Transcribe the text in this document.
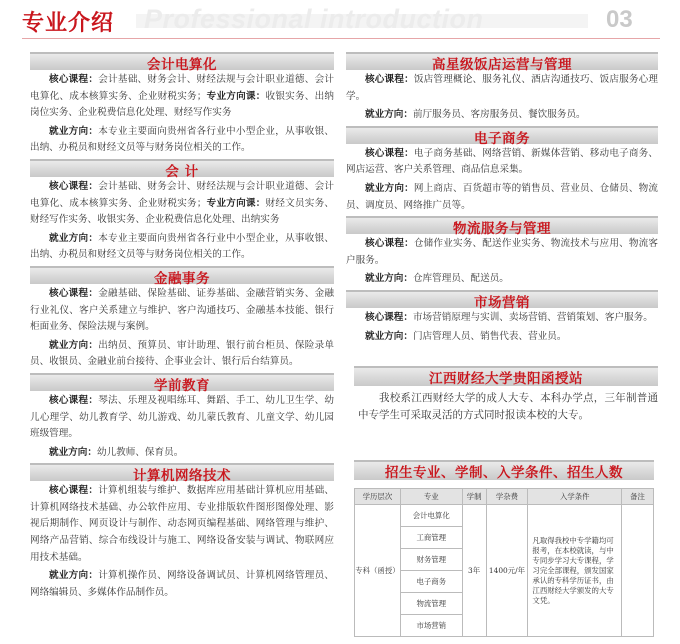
专业介绍 Professional introduction	03
会计电算化
核心课程：会计基础、财务会计、财经法规与会计职业道德、会计电算化、成本核算实务、企业财税实务；专业方向课：收银实务、出纳岗位实务、企业税费信息化处理、财经写作实务
就业方向：本专业主要面向贵州省各行业中小型企业，从事收银、出纳、办税员和财经文员等与财务岗位相关的工作。
会 计
核心课程：会计基础、财务会计、财经法规与会计职业道德、会计电算化、成本核算实务、企业财税实务；专业方向课：财经文员实务、财经写作实务、收银实务、企业税费信息化处理、出纳实务
就业方向：本专业主要面向贵州省各行业中小型企业，从事收银、出纳、办税员和财经文员等与财务岗位相关的工作。
金融事务
核心课程：金融基础、保险基础、证券基础、金融营销实务、金融行业礼仪、客户关系建立与维护、客户沟通技巧、金融基本技能、银行柜面业务、保险法规与案例。
就业方向：出纳员、预算员、审计助理、银行前台柜员、保险录单员、收银员、金融业前台接待、企事业会计、银行后台结算员。
学前教育
核心课程：琴法、乐理及视唱练耳、舞蹈、手工、幼儿卫生学、幼儿心理学、幼儿教育学、幼儿游戏、幼儿蒙氏教育、儿童文学、幼儿园班级管理。
就业方向：幼儿教师、保育员。
计算机网络技术
核心课程：计算机组装与维护、数据库应用基础计算机应用基础、计算机网络技术基础、办公软件应用、专业排版软件图形图像处理、影视后期制作、网页设计与制作、动态网页编程基础、网络管理与维护、网络产品营销、综合布线设计与施工、网络设备安装与调试、物联网应用技术基础。
就业方向：计算机操作员、网络设备调试员、计算机网络管理员、网络编辑员、多媒体作品制作员。
高星级饭店运营与管理
核心课程：饭店管理概论、服务礼仪、酒店沟通技巧、饭店服务心理学。
就业方向：前厅服务员、客房服务员、餐饮服务员。
电子商务
核心课程：电子商务基础、网络营销、新媒体营销、移动电子商务、网店运营、客户关系管理、商品信息采集。
就业方向：网上商店、百货超市等的销售员、营业员、仓储员、物流员、调度员、网络推广员等。
物流服务与管理
核心课程：仓储作业实务、配送作业实务、物流技术与应用、物流客户服务。
就业方向：仓库管理员、配送员。
市场营销
核心课程：市场营销原理与实训、卖场营销、营销策划、客户服务。
就业方向：门店管理人员、销售代表、营业员。
江西财经大学贵阳函授站
我校系江西财经大学的成人大专、本科办学点，三年制普通中专学生可采取灵活的方式同时报读本校的大专。
招生专业、学制、入学条件、招生人数
学历层次	专业	学制	学杂费	入学条件	备注
专科（函授）	会计电算化	3年	1400元/年	凡取得我校中专学籍均可报考，在本校就读，与中专同步学习大专课程，学习完全部课程，颁发国家承认的专科学历证书，由江西财经大学颁发的大专文凭。	
	工商管理				
	财务管理				
	电子商务				
	物流管理				
	市场营销				
